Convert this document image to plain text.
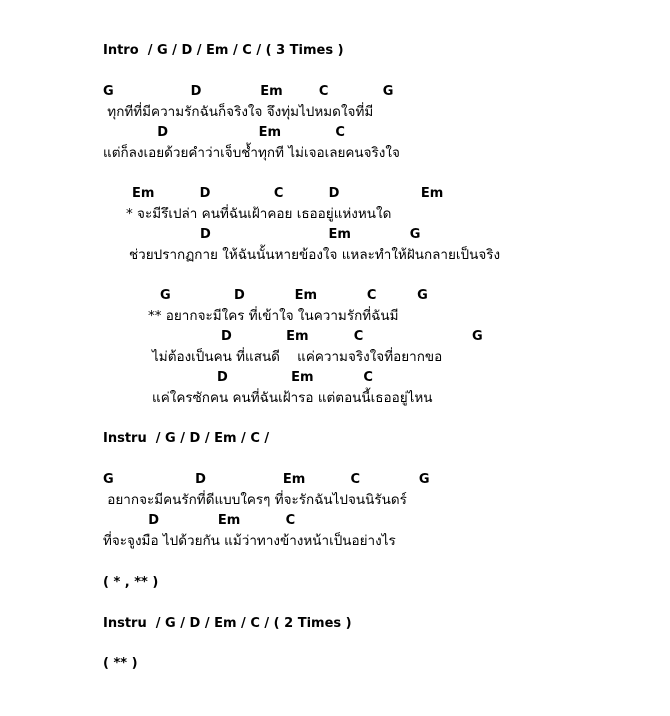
Intro  / G / D / Em / C / ( 3 Times )
G                 D             Em        C            G
ทุกทีที่มีความรักฉันก็จริงใจ จึงทุ่มไปหมดใจที่มี
D                    Em            C
แต่ก็ลงเอยด้วยคำว่าเจ็บช้ำทุกที ไม่เจอเลยคนจริงใจ
Em          D              C          D                  Em
* จะมีรึเปล่า คนที่ฉันเฝ้าคอย เธออยู่แห่งหนใด
D                          Em             G
ช่วยปรากฏกาย ให้ฉันนั้นหายข้องใจ แหละทำให้ฝันกลายเป็นจริง
G              D           Em           C         G
** อยากจะมีใคร ที่เข้าใจ ในความรักที่ฉันมี
D            Em          C                        G
ไม่ต้องเป็นคน ที่แสนดี    แค่ความจริงใจที่อยากขอ
D              Em           C
แค่ใครซักคน คนที่ฉันเฝ้ารอ แต่ตอนนี้เธออยู่ไหน
Instru  / G / D / Em / C /
G                  D                 Em          C             G
อยากจะมีคนรักที่ดีแบบใครๆ ที่จะรักฉันไปจนนิรันดร์
D             Em          C
ที่จะจูงมือ ไปด้วยกัน แม้ว่าทางข้างหน้าเป็นอย่างไร
( * , ** )
Instru  / G / D / Em / C / ( 2 Times )
( ** )
